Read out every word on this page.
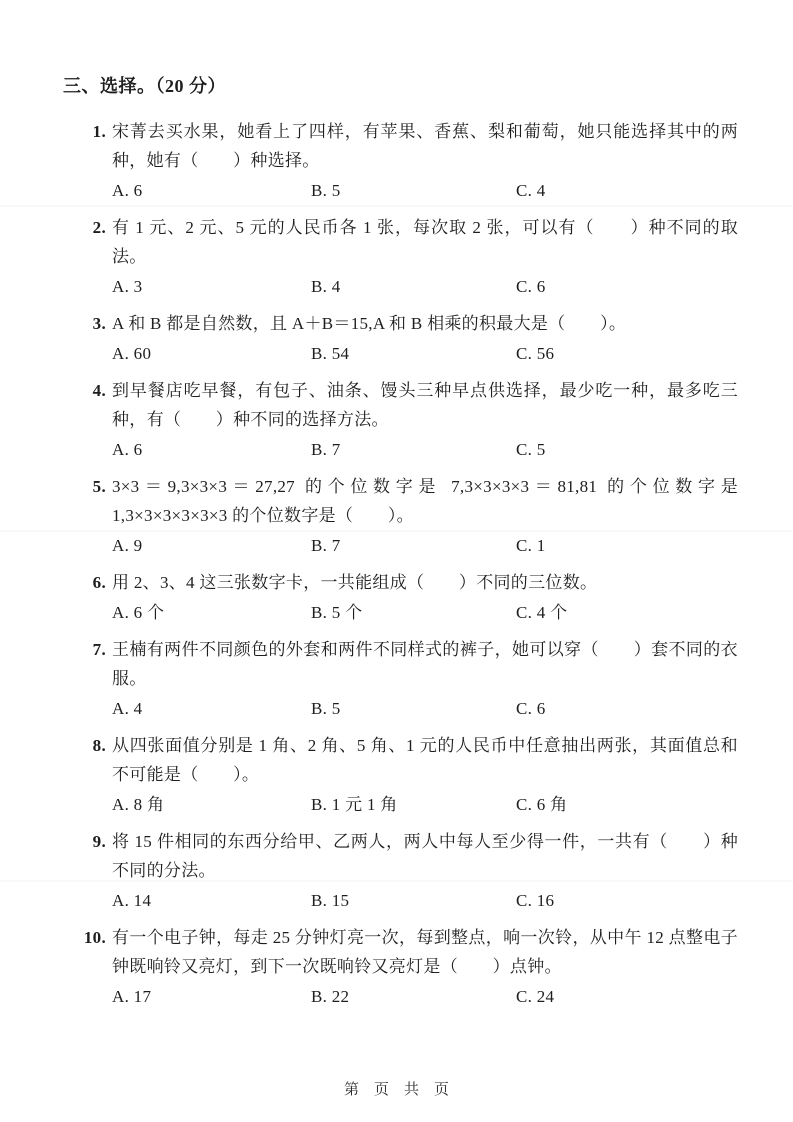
三、选择。（20 分）

1. 宋菁去买水果，她看上了四样，有苹果、香蕉、梨和葡萄，她只能选择其中的两种，她有（　　）种选择。

A. 6	B. 5	C. 4

2. 有 1 元、2 元、5 元的人民币各 1 张，每次取 2 张，可以有（　　）种不同的取法。

A. 3	B. 4	C. 6

3. A 和 B 都是自然数，且 A＋B＝15,A 和 B 相乘的积最大是（　　）。

A. 60	B. 54	C. 56

4. 到早餐店吃早餐，有包子、油条、馒头三种早点供选择，最少吃一种，最多吃三种，有（　　）种不同的选择方法。

A. 6	B. 7	C. 5

5. 3×3＝9,3×3×3＝27,27 的个位数字是 7,3×3×3×3＝81,81 的个位数字是 1,3×3×3×3×3×3 的个位数字是（　　）。

A. 9	B. 7	C. 1

6. 用 2、3、4 这三张数字卡，一共能组成（　　）不同的三位数。

A. 6 个	B. 5 个	C. 4 个

7. 王楠有两件不同颜色的外套和两件不同样式的裤子，她可以穿（　　）套不同的衣服。

A. 4	B. 5	C. 6

8. 从四张面值分别是 1 角、2 角、5 角、1 元的人民币中任意抽出两张，其面值总和不可能是（　　）。

A. 8 角	B. 1 元 1 角	C. 6 角

9. 将 15 件相同的东西分给甲、乙两人，两人中每人至少得一件，一共有（　　）种不同的分法。

A. 14	B. 15	C. 16

10. 有一个电子钟，每走 25 分钟灯亮一次，每到整点，响一次铃，从中午 12 点整电子钟既响铃又亮灯，到下一次既响铃又亮灯是（　　）点钟。

A. 17	B. 22	C. 24

第　页　共　页
